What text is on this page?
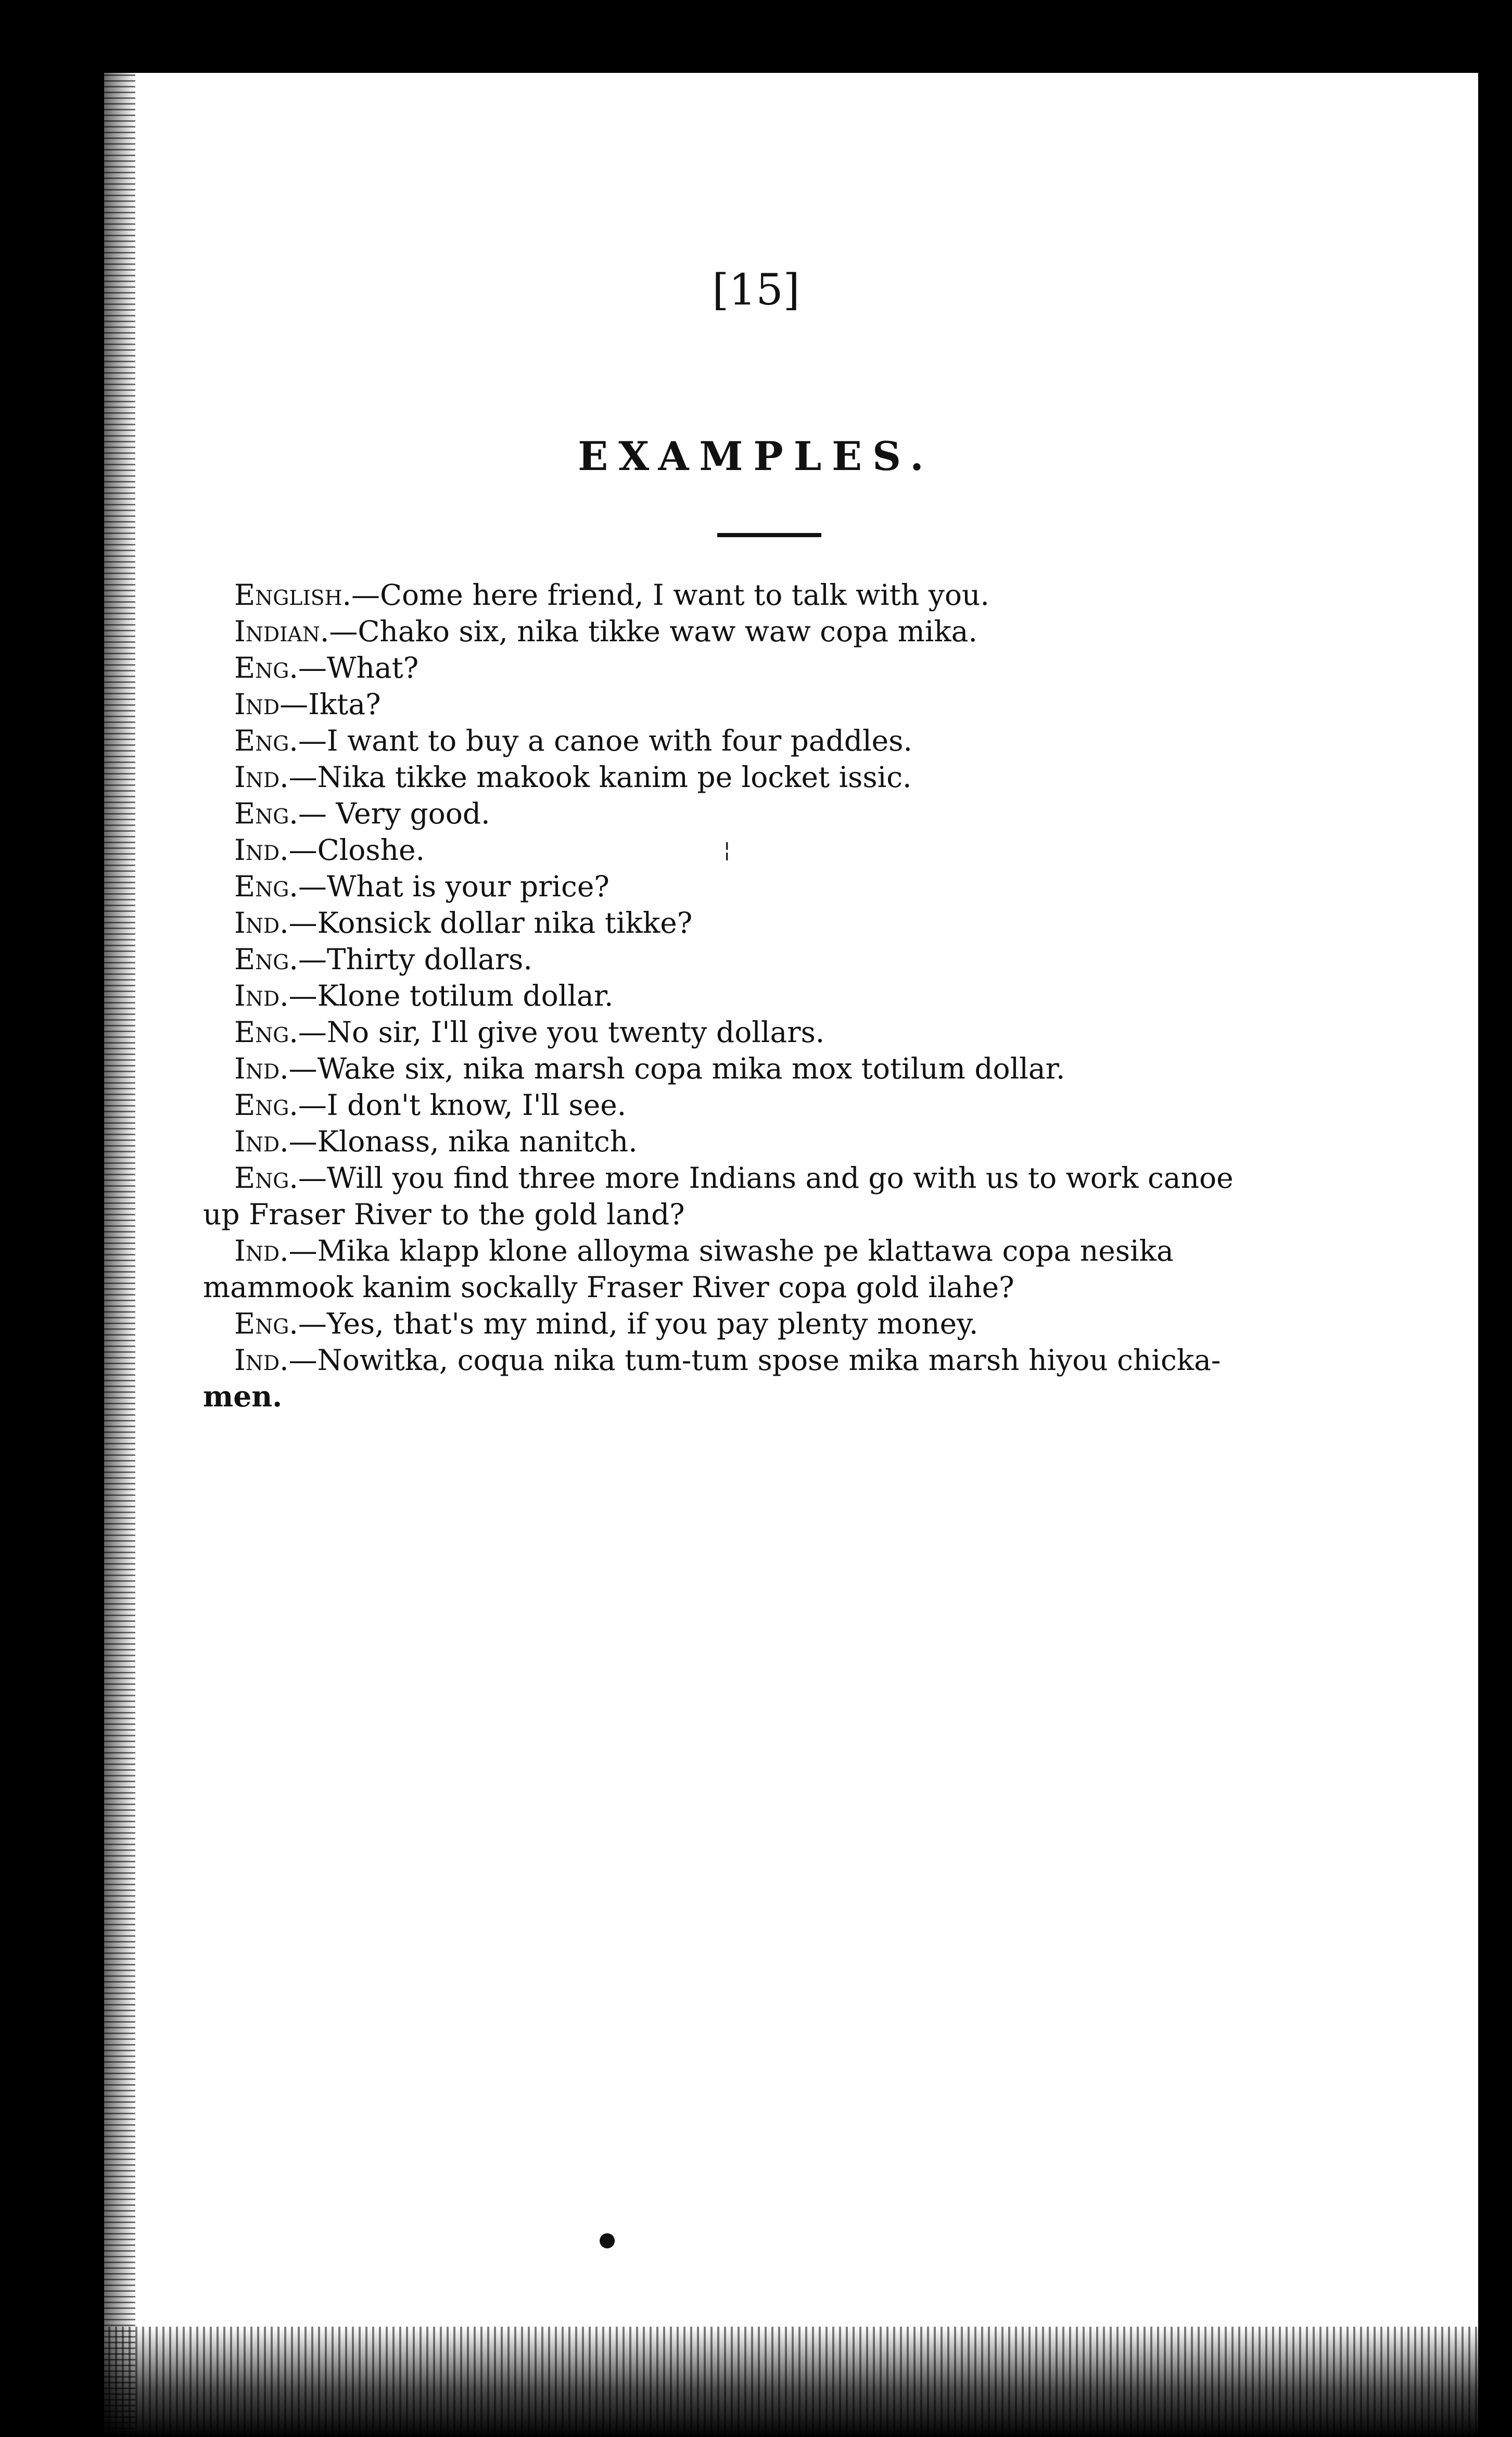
[15]
EXAMPLES.
English.—Come here friend, I want to talk with you.
Indian.—Chako six, nika tikke waw waw copa mika.
Eng.—What?
Ind—Ikta?
Eng.—I want to buy a canoe with four paddles.
Ind.—Nika tikke makook kanim pe locket issic.
Eng.— Very good.
Ind.—Closhe.
Eng.—What is your price?
Ind.—Konsick dollar nika tikke?
Eng.—Thirty dollars.
Ind.—Klone totilum dollar.
Eng.—No sir, I'll give you twenty dollars.
Ind.—Wake six, nika marsh copa mika mox totilum dollar.
Eng.—I don't know, I'll see.
Ind.—Klonass, nika nanitch.
Eng.—Will you find three more Indians and go with us to work canoe
up Fraser River to the gold land?
Ind.—Mika klapp klone alloyma siwashe pe klattawa copa nesika
mammook kanim sockally Fraser River copa gold ilahe?
Eng.—Yes, that's my mind, if you pay plenty money.
Ind.—Nowitka, coqua nika tum-tum spose mika marsh hiyou chicka-
men.
¦
●
